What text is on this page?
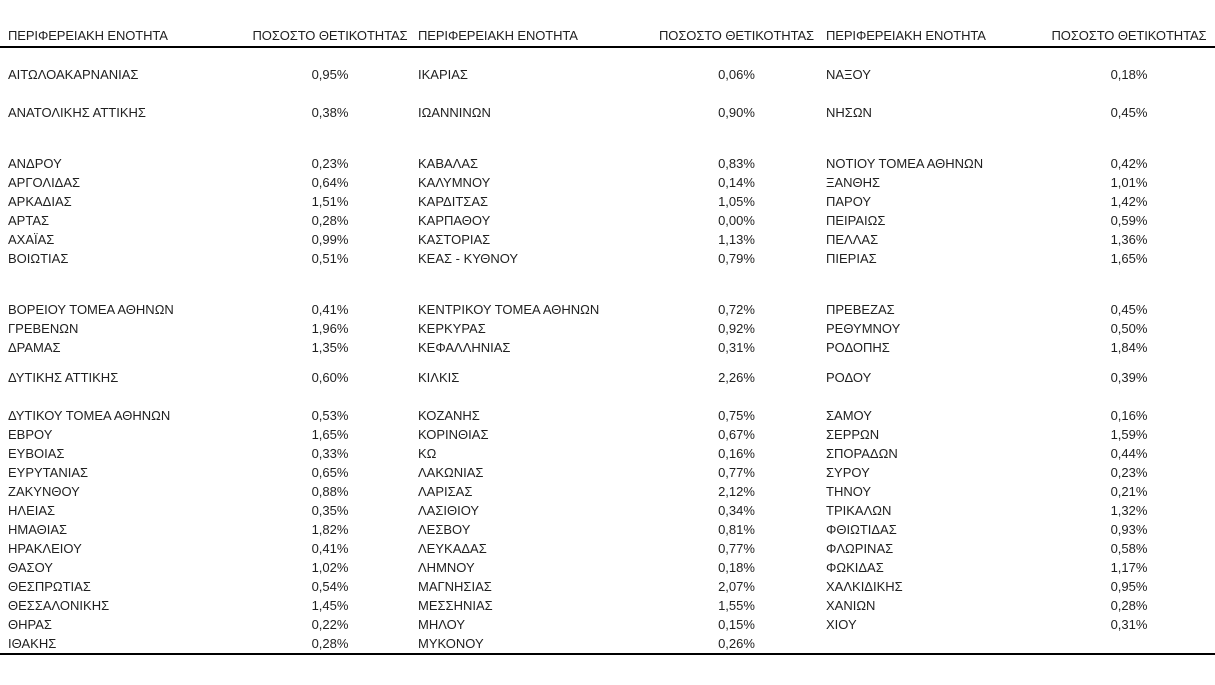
ΠΕΡΙΦΕΡΕΙΑΚΗ ΕΝΟΤΗΤΑ	ΠΟΣΟΣΤΟ ΘΕΤΙΚΟΤΗΤΑΣ ΠΕΡΙΦΕΡΕΙΑΚΗ ΕΝΟΤΗΤΑ	ΠΟΣΟΣΤΟ ΘΕΤΙΚΟΤΗΤΑΣ ΠΕΡΙΦΕΡΕΙΑΚΗ ΕΝΟΤΗΤΑ	ΠΟΣΟΣΤΟ ΘΕΤΙΚΟΤΗΤΑΣ
ΑΙΤΩΛΟΑΚΑΡΝΑΝΙΑΣ	0,95%	ΙΚΑΡΙΑΣ	0,06%	ΝΑΞΟΥ	0,18%
ΑΝΑΤΟΛΙΚΗΣ ΑΤΤΙΚΗΣ	0,38%	ΙΩΑΝΝΙΝΩΝ	0,90%	ΝΗΣΩΝ	0,45%
ΑΝΔΡΟΥ	0,23%	ΚΑΒΑΛΑΣ	0,83%	ΝΟΤΙΟΥ ΤΟΜΕΑ ΑΘΗΝΩΝ	0,42%
ΑΡΓΟΛΙΔΑΣ	0,64%	ΚΑΛΥΜΝΟΥ	0,14%	ΞΑΝΘΗΣ	1,01%
ΑΡΚΑΔΙΑΣ	1,51%	ΚΑΡΔΙΤΣΑΣ	1,05%	ΠΑΡΟΥ	1,42%
ΑΡΤΑΣ	0,28%	ΚΑΡΠΑΘΟΥ	0,00%	ΠΕΙΡΑΙΩΣ	0,59%
ΑΧΑΪΑΣ	0,99%	ΚΑΣΤΟΡΙΑΣ	1,13%	ΠΕΛΛΑΣ	1,36%
ΒΟΙΩΤΙΑΣ	0,51%	ΚΕΑΣ - ΚΥΘΝΟΥ	0,79%	ΠΙΕΡΙΑΣ	1,65%
ΒΟΡΕΙΟΥ ΤΟΜΕΑ ΑΘΗΝΩΝ	0,41%	ΚΕΝΤΡΙΚΟΥ ΤΟΜΕΑ ΑΘΗΝΩΝ	0,72%	ΠΡΕΒΕΖΑΣ	0,45%
ΓΡΕΒΕΝΩΝ	1,96%	ΚΕΡΚΥΡΑΣ	0,92%	ΡΕΘΥΜΝΟΥ	0,50%
ΔΡΑΜΑΣ	1,35%	ΚΕΦΑΛΛΗΝΙΑΣ	0,31%	ΡΟΔΟΠΗΣ	1,84%
ΔΥΤΙΚΗΣ ΑΤΤΙΚΗΣ	0,60%	ΚΙΛΚΙΣ	2,26%	ΡΟΔΟΥ	0,39%
ΔΥΤΙΚΟΥ ΤΟΜΕΑ ΑΘΗΝΩΝ	0,53%	ΚΟΖΑΝΗΣ	0,75%	ΣΑΜΟΥ	0,16%
ΕΒΡΟΥ	1,65%	ΚΟΡΙΝΘΙΑΣ	0,67%	ΣΕΡΡΩΝ	1,59%
ΕΥΒΟΙΑΣ	0,33%	ΚΩ	0,16%	ΣΠΟΡΑΔΩΝ	0,44%
ΕΥΡΥΤΑΝΙΑΣ	0,65%	ΛΑΚΩΝΙΑΣ	0,77%	ΣΥΡΟΥ	0,23%
ΖΑΚΥΝΘΟΥ	0,88%	ΛΑΡΙΣΑΣ	2,12%	ΤΗΝΟΥ	0,21%
ΗΛΕΙΑΣ	0,35%	ΛΑΣΙΘΙΟΥ	0,34%	ΤΡΙΚΑΛΩΝ	1,32%
ΗΜΑΘΙΑΣ	1,82%	ΛΕΣΒΟΥ	0,81%	ΦΘΙΩΤΙΔΑΣ	0,93%
ΗΡΑΚΛΕΙΟΥ	0,41%	ΛΕΥΚΑΔΑΣ	0,77%	ΦΛΩΡΙΝΑΣ	0,58%
ΘΑΣΟΥ	1,02%	ΛΗΜΝΟΥ	0,18%	ΦΩΚΙΔΑΣ	1,17%
ΘΕΣΠΡΩΤΙΑΣ	0,54%	ΜΑΓΝΗΣΙΑΣ	2,07%	ΧΑΛΚΙΔΙΚΗΣ	0,95%
ΘΕΣΣΑΛΟΝΙΚΗΣ	1,45%	ΜΕΣΣΗΝΙΑΣ	1,55%	ΧΑΝΙΩΝ	0,28%
ΘΗΡΑΣ	0,22%	ΜΗΛΟΥ	0,15%	ΧΙΟΥ	0,31%
ΙΘΑΚΗΣ	0,28%	ΜΥΚΟΝΟΥ	0,26%
